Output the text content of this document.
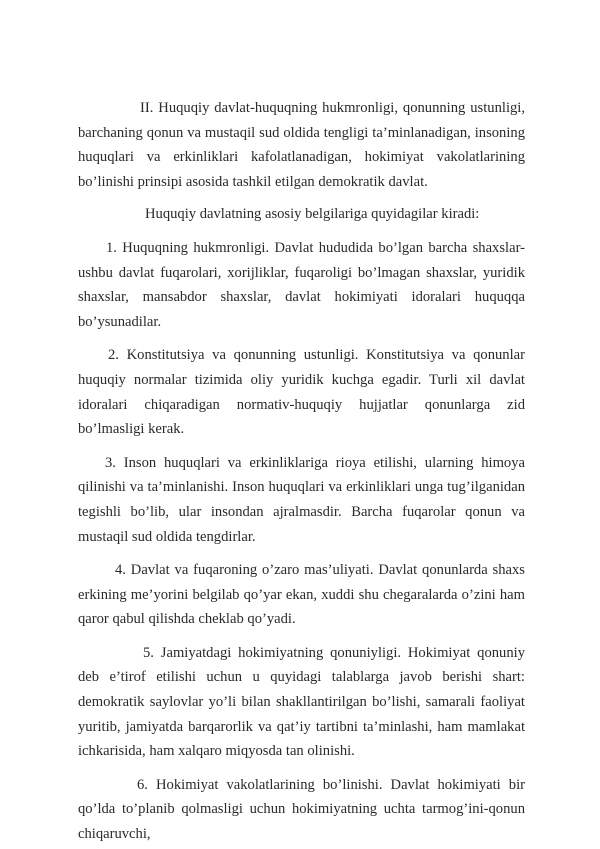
II. Huquqiy davlat-huquqning hukmronligi, qonunning ustunligi, barchaning qonun va mustaqil sud oldida tengligi ta’minlanadigan, insoning huquqlari va erkinliklari kafolatlanadigan, hokimiyat vakolatlarining bo’linishi prinsipi asosida tashkil etilgan demokratik davlat.

Huquqiy davlatning asosiy belgilariga quyidagilar kiradi:

1. Huquqning hukmronligi. Davlat hududida bo’lgan barcha shaxslar- ushbu davlat fuqarolari, xorijliklar, fuqaroligi bo’lmagan shaxslar, yuridik shaxslar, mansabdor shaxslar, davlat hokimiyati idoralari huquqqa bo’ysunadilar.

2. Konstitutsiya va qonunning ustunligi. Konstitutsiya va qonunlar huquqiy normalar tizimida oliy yuridik kuchga egadir. Turli xil davlat idoralari chiqaradigan normativ-huquqiy hujjatlar qonunlarga zid bo’lmasligi kerak.

3. Inson huquqlari va erkinliklariga rioya etilishi, ularning himoya qilinishi va ta’minlanishi. Inson huquqlari va erkinliklari unga tug’ilganidan tegishli bo’lib, ular insondan ajralmasdir. Barcha fuqarolar qonun va mustaqil sud oldida tengdirlar.

4. Davlat va fuqaroning o’zaro mas’uliyati. Davlat qonunlarda shaxs erkining me’yorini belgilab qo’yar ekan, xuddi shu chegaralarda o’zini ham qaror qabul qilishda cheklab qo’yadi.

5. Jamiyatdagi hokimiyatning qonuniyligi. Hokimiyat qonuniy deb e’tirof etilishi uchun u quyidagi talablarga javob berishi shart: demokratik saylovlar yo’li bilan shakllantirilgan bo’lishi, samarali faoliyat yuritib, jamiyatda barqarorlik va qat’iy tartibni ta’minlashi, ham mamlakat ichkarisida, ham xalqaro miqyosda tan olinishi.

6. Hokimiyat vakolatlarining bo’linishi. Davlat hokimiyati bir qo’lda to’planib qolmasligi uchun hokimiyatning uchta tarmog’ini-qonun chiqaruvchi,
